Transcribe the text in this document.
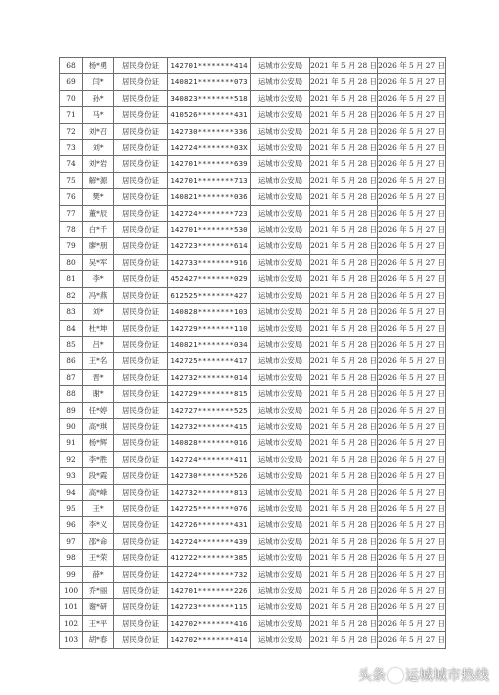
68	杨*勇	居民身份证	142701********414	运城市公安局	2021 年 5 月 28 日	2026 年 5 月 27 日
69	闫*	居民身份证	140821********073	运城市公安局	2021 年 5 月 28 日	2026 年 5 月 27 日
70	孙*	居民身份证	340823********518	运城市公安局	2021 年 5 月 28 日	2026 年 5 月 27 日
71	马*	居民身份证	410526********431	运城市公安局	2021 年 5 月 28 日	2026 年 5 月 27 日
72	刘*召	居民身份证	142730********336	运城市公安局	2021 年 5 月 28 日	2026 年 5 月 27 日
73	刘*	居民身份证	142724********03X	运城市公安局	2021 年 5 月 28 日	2026 年 5 月 27 日
74	刘*岩	居民身份证	142701********639	运城市公安局	2021 年 5 月 28 日	2026 年 5 月 27 日
75	解*源	居民身份证	142701********713	运城市公安局	2021 年 5 月 28 日	2026 年 5 月 27 日
76	樊*	居民身份证	140821********036	运城市公安局	2021 年 5 月 28 日	2026 年 5 月 27 日
77	董*辰	居民身份证	142724********723	运城市公安局	2021 年 5 月 28 日	2026 年 5 月 27 日
78	白*千	居民身份证	142701********530	运城市公安局	2021 年 5 月 28 日	2026 年 5 月 27 日
79	廖*朋	居民身份证	142723********614	运城市公安局	2021 年 5 月 28 日	2026 年 5 月 27 日
80	吴*军	居民身份证	142733********916	运城市公安局	2021 年 5 月 28 日	2026 年 5 月 27 日
81	李*	居民身份证	452427********029	运城市公安局	2021 年 5 月 28 日	2026 年 5 月 27 日
82	冯*燕	居民身份证	612525********427	运城市公安局	2021 年 5 月 28 日	2026 年 5 月 27 日
83	刘*	居民身份证	140828********103	运城市公安局	2021 年 5 月 28 日	2026 年 5 月 27 日
84	杜*坤	居民身份证	142729********110	运城市公安局	2021 年 5 月 28 日	2026 年 5 月 27 日
85	吕*	居民身份证	140821********034	运城市公安局	2021 年 5 月 28 日	2026 年 5 月 27 日
86	王*名	居民身份证	142725********417	运城市公安局	2021 年 5 月 28 日	2026 年 5 月 27 日
87	晋*	居民身份证	142732********014	运城市公安局	2021 年 5 月 28 日	2026 年 5 月 27 日
88	谢*	居民身份证	142729********815	运城市公安局	2021 年 5 月 28 日	2026 年 5 月 27 日
89	任*婷	居民身份证	142727********525	运城市公安局	2021 年 5 月 28 日	2026 年 5 月 27 日
90	高*琪	居民身份证	142732********415	运城市公安局	2021 年 5 月 28 日	2026 年 5 月 27 日
91	杨*辉	居民身份证	140828********016	运城市公安局	2021 年 5 月 28 日	2026 年 5 月 27 日
92	李*胜	居民身份证	142724********411	运城市公安局	2021 年 5 月 28 日	2026 年 5 月 27 日
93	段*霞	居民身份证	142730********526	运城市公安局	2021 年 5 月 28 日	2026 年 5 月 27 日
94	高*峰	居民身份证	142732********813	运城市公安局	2021 年 5 月 28 日	2026 年 5 月 27 日
95	王*	居民身份证	142725********076	运城市公安局	2021 年 5 月 28 日	2026 年 5 月 27 日
96	李*义	居民身份证	142726********431	运城市公安局	2021 年 5 月 28 日	2026 年 5 月 27 日
97	邵*命	居民身份证	142724********439	运城市公安局	2021 年 5 月 28 日	2026 年 5 月 27 日
98	王*荣	居民身份证	412722********385	运城市公安局	2021 年 5 月 28 日	2026 年 5 月 27 日
99	薛*	居民身份证	142724********732	运城市公安局	2021 年 5 月 28 日	2026 年 5 月 27 日
100	乔*丽	居民身份证	142701********226	运城市公安局	2021 年 5 月 28 日	2026 年 5 月 27 日
101	谢*研	居民身份证	142723********115	运城市公安局	2021 年 5 月 28 日	2026 年 5 月 27 日
102	王*平	居民身份证	142702********416	运城市公安局	2021 年 5 月 28 日	2026 年 5 月 27 日
103	胡*春	居民身份证	142702********414	运城市公安局	2021 年 5 月 28 日	2026 年 5 月 27 日
头条 运城城市热线
